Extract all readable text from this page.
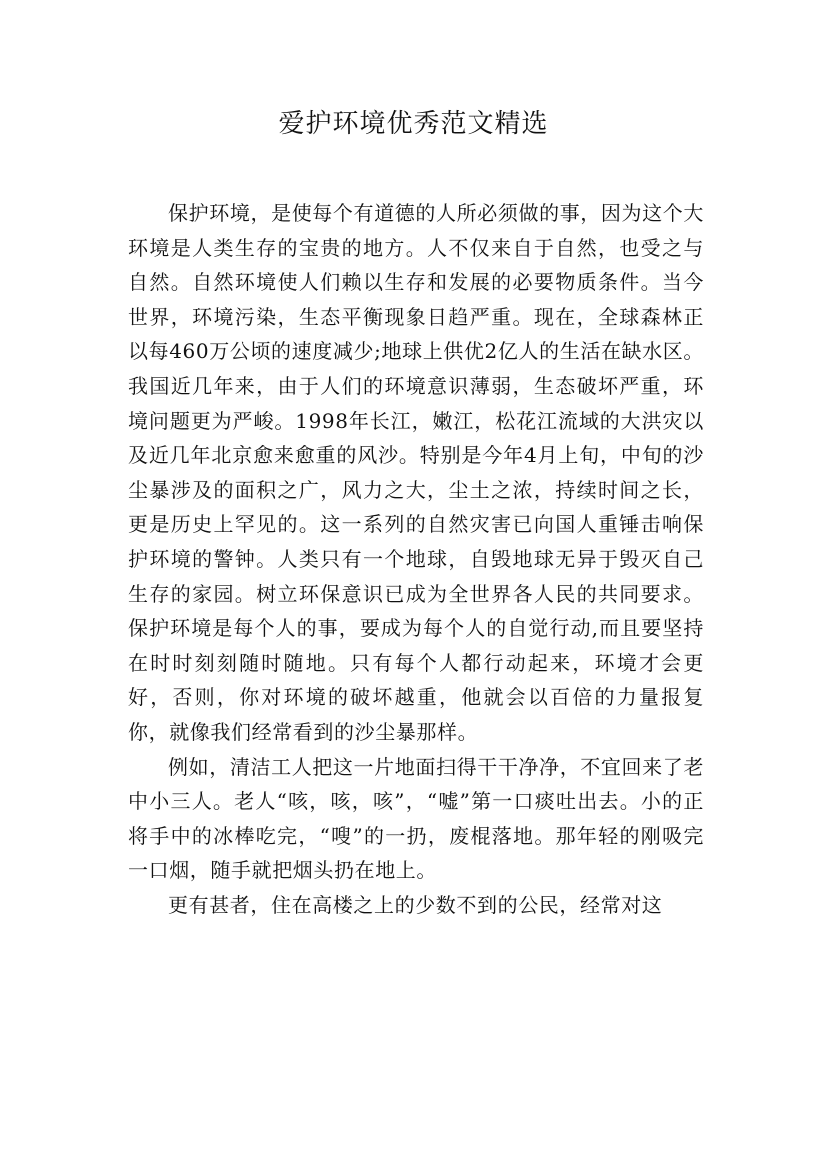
爱护环境优秀范文精选

保护环境，是使每个有道德的人所必须做的事，因为这个大环境是人类生存的宝贵的地方。人不仅来自于自然，也受之与自然。自然环境使人们赖以生存和发展的必要物质条件。当今世界，环境污染，生态平衡现象日趋严重。现在，全球森林正以每460万公顷的速度减少;地球上供优2亿人的生活在缺水区。我国近几年来，由于人们的环境意识薄弱，生态破坏严重，环境问题更为严峻。1998年长江，嫩江，松花江流域的大洪灾以及近几年北京愈来愈重的风沙。特别是今年4月上旬，中旬的沙尘暴涉及的面积之广，风力之大，尘土之浓，持续时间之长，更是历史上罕见的。这一系列的自然灾害已向国人重锤击响保护环境的警钟。人类只有一个地球，自毁地球无异于毁灭自己生存的家园。树立环保意识已成为全世界各人民的共同要求。保护环境是每个人的事，要成为每个人的自觉行动,而且要坚持在时时刻刻随时随地。只有每个人都行动起来，环境才会更好，否则，你对环境的破坏越重，他就会以百倍的力量报复你，就像我们经常看到的沙尘暴那样。

例如，清洁工人把这一片地面扫得干干净净，不宜回来了老中小三人。老人“咳，咳，咳”，“嘘”第一口痰吐出去。小的正将手中的冰棒吃完，“嗖”的一扔，废棍落地。那年轻的刚吸完一口烟，随手就把烟头扔在地上。

更有甚者，住在高楼之上的少数不到的公民，经常对这
